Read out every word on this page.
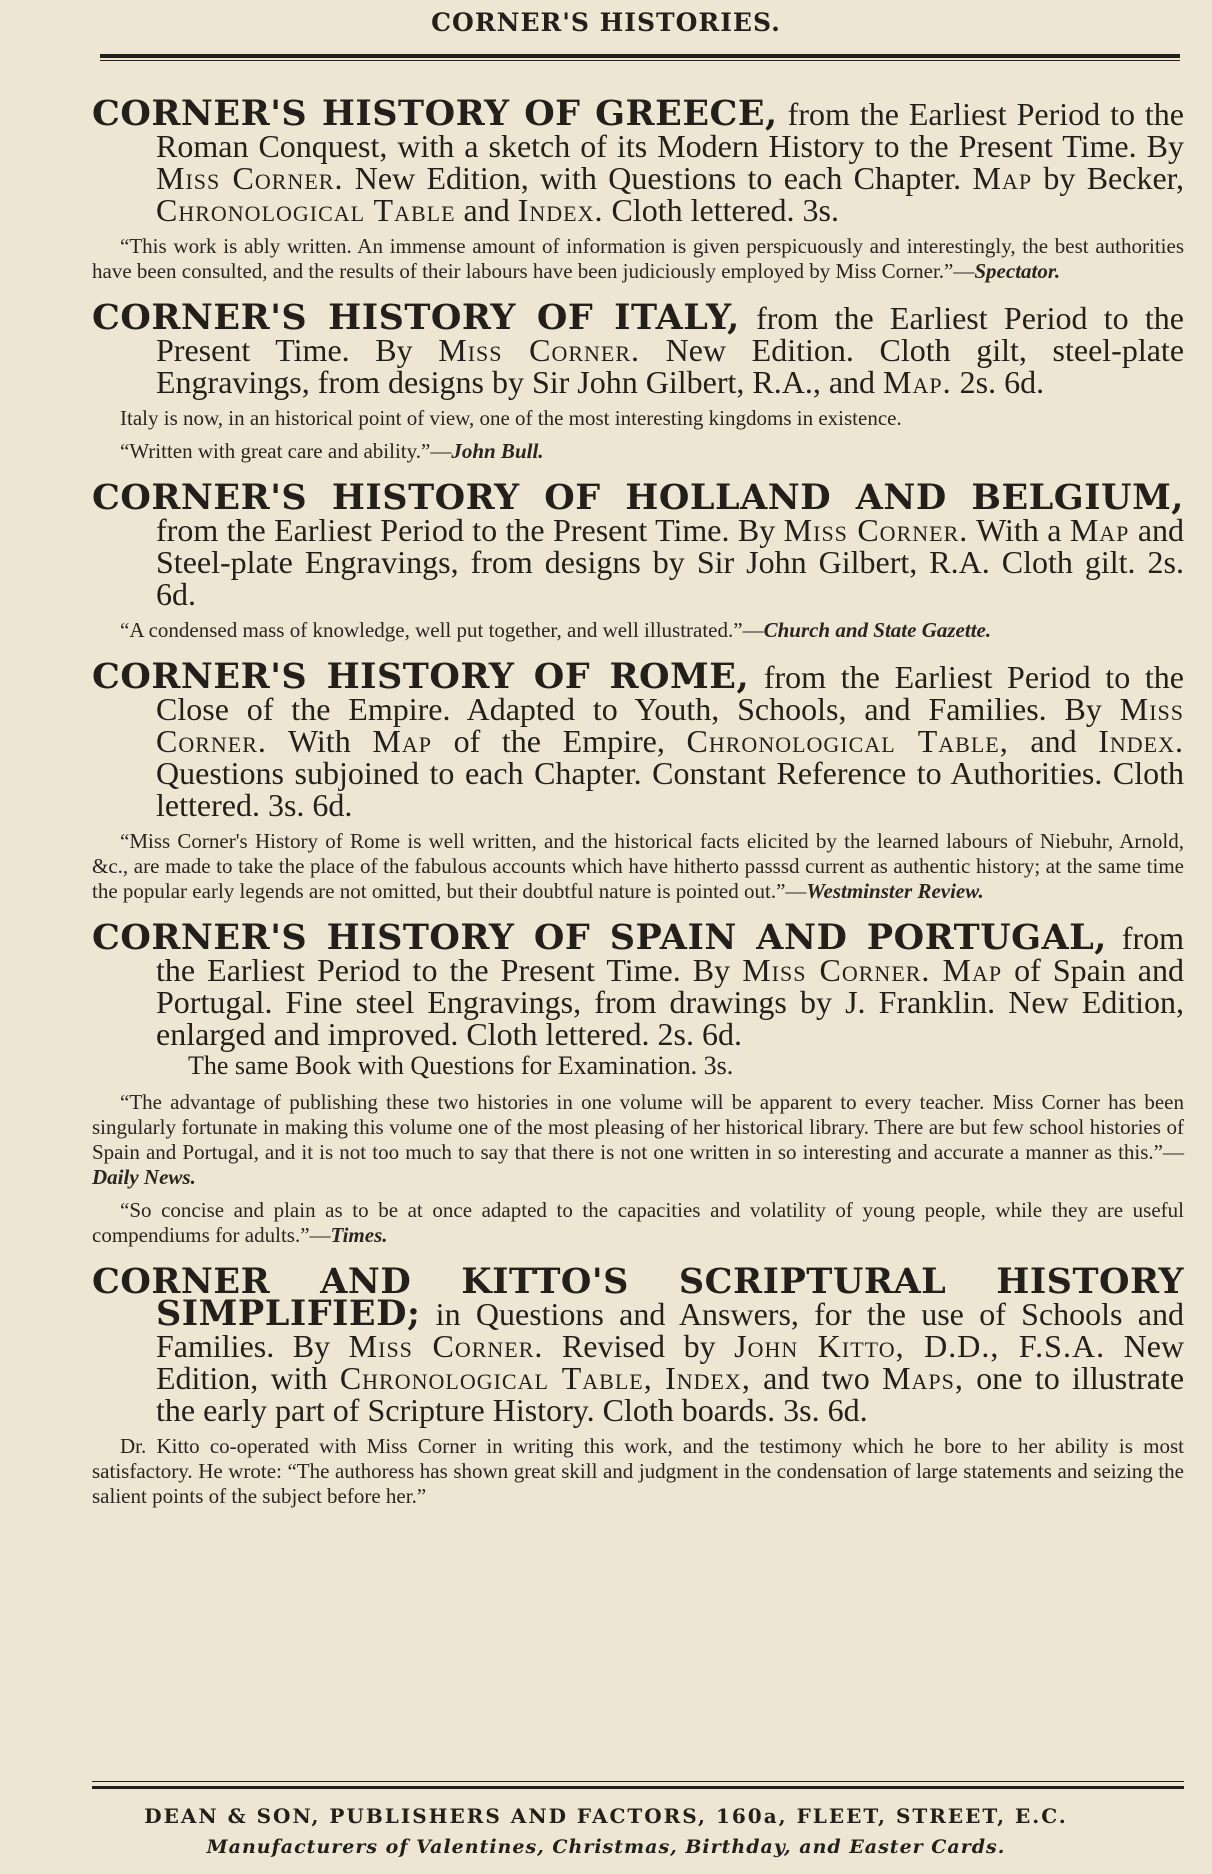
CORNER'S HISTORIES.
CORNER'S HISTORY OF GREECE, from the Earliest Period to the Roman Conquest, with a sketch of its Modern History to the Present Time. By Miss Corner. New Edition, with Questions to each Chapter. Map by Becker, Chronological Table and Index. Cloth lettered. 3s.
“This work is ably written. An immense amount of information is given perspicuously and interestingly, the best authorities have been consulted, and the results of their labours have been judiciously employed by Miss Corner.”—Spectator.
CORNER'S HISTORY OF ITALY, from the Earliest Period to the Present Time. By Miss Corner. New Edition. Cloth gilt, steel-plate Engravings, from designs by Sir John Gilbert, R.A., and Map. 2s. 6d.
Italy is now, in an historical point of view, one of the most interesting kingdoms in existence.
“Written with great care and ability.”—John Bull.
CORNER'S HISTORY OF HOLLAND AND BELGIUM, from the Earliest Period to the Present Time. By Miss Corner. With a Map and Steel-plate Engravings, from designs by Sir John Gilbert, R.A. Cloth gilt. 2s. 6d.
“A condensed mass of knowledge, well put together, and well illustrated.”—Church and State Gazette.
CORNER'S HISTORY OF ROME, from the Earliest Period to the Close of the Empire. Adapted to Youth, Schools, and Families. By Miss Corner. With Map of the Empire, Chronological Table, and Index. Questions subjoined to each Chapter. Constant Reference to Authorities. Cloth lettered. 3s. 6d.
“Miss Corner's History of Rome is well written, and the historical facts elicited by the learned labours of Niebuhr, Arnold, &c., are made to take the place of the fabulous accounts which have hitherto passsd current as authentic history; at the same time the popular early legends are not omitted, but their doubtful nature is pointed out.”—Westminster Review.
CORNER'S HISTORY OF SPAIN AND PORTUGAL, from the Earliest Period to the Present Time. By Miss Corner. Map of Spain and Portugal. Fine steel Engravings, from drawings by J. Franklin. New Edition, enlarged and improved. Cloth lettered. 2s. 6d.
The same Book with Questions for Examination. 3s.
“The advantage of publishing these two histories in one volume will be apparent to every teacher. Miss Corner has been singularly fortunate in making this volume one of the most pleasing of her historical library. There are but few school histories of Spain and Portugal, and it is not too much to say that there is not one written in so interesting and accurate a manner as this.”—Daily News.
“So concise and plain as to be at once adapted to the capacities and volatility of young people, while they are useful compendiums for adults.”—Times.
CORNER AND KITTO'S SCRIPTURAL HISTORY SIMPLIFIED; in Questions and Answers, for the use of Schools and Families. By Miss Corner. Revised by John Kitto, D.D., F.S.A. New Edition, with Chronological Table, Index, and two Maps, one to illustrate the early part of Scripture History. Cloth boards. 3s. 6d.
Dr. Kitto co-operated with Miss Corner in writing this work, and the testimony which he bore to her ability is most satisfactory. He wrote: “The authoress has shown great skill and judgment in the condensation of large statements and seizing the salient points of the subject before her.”
DEAN & SON, PUBLISHERS AND FACTORS, 160a, FLEET, STREET, E.C.
Manufacturers of Valentines, Christmas, Birthday, and Easter Cards.
